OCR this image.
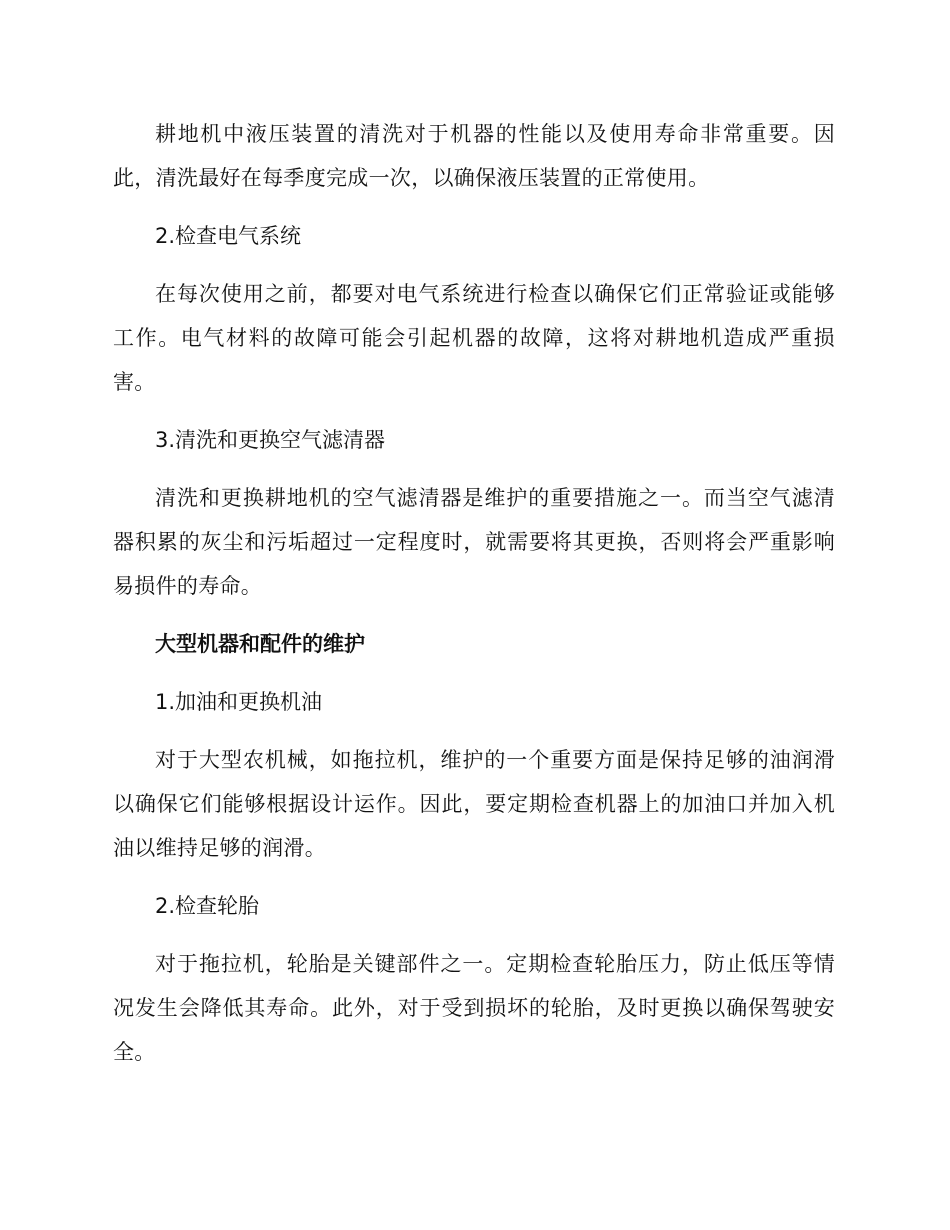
耕地机中液压装置的清洗对于机器的性能以及使用寿命非常重要。因此，清洗最好在每季度完成一次，以确保液压装置的正常使用。

2.检查电气系统

在每次使用之前，都要对电气系统进行检查以确保它们正常验证或能够工作。电气材料的故障可能会引起机器的故障，这将对耕地机造成严重损害。

3.清洗和更换空气滤清器

清洗和更换耕地机的空气滤清器是维护的重要措施之一。而当空气滤清器积累的灰尘和污垢超过一定程度时，就需要将其更换，否则将会严重影响易损件的寿命。

大型机器和配件的维护

1.加油和更换机油

对于大型农机械，如拖拉机，维护的一个重要方面是保持足够的油润滑以确保它们能够根据设计运作。因此，要定期检查机器上的加油口并加入机油以维持足够的润滑。

2.检查轮胎

对于拖拉机，轮胎是关键部件之一。定期检查轮胎压力，防止低压等情况发生会降低其寿命。此外，对于受到损坏的轮胎，及时更换以确保驾驶安全。
